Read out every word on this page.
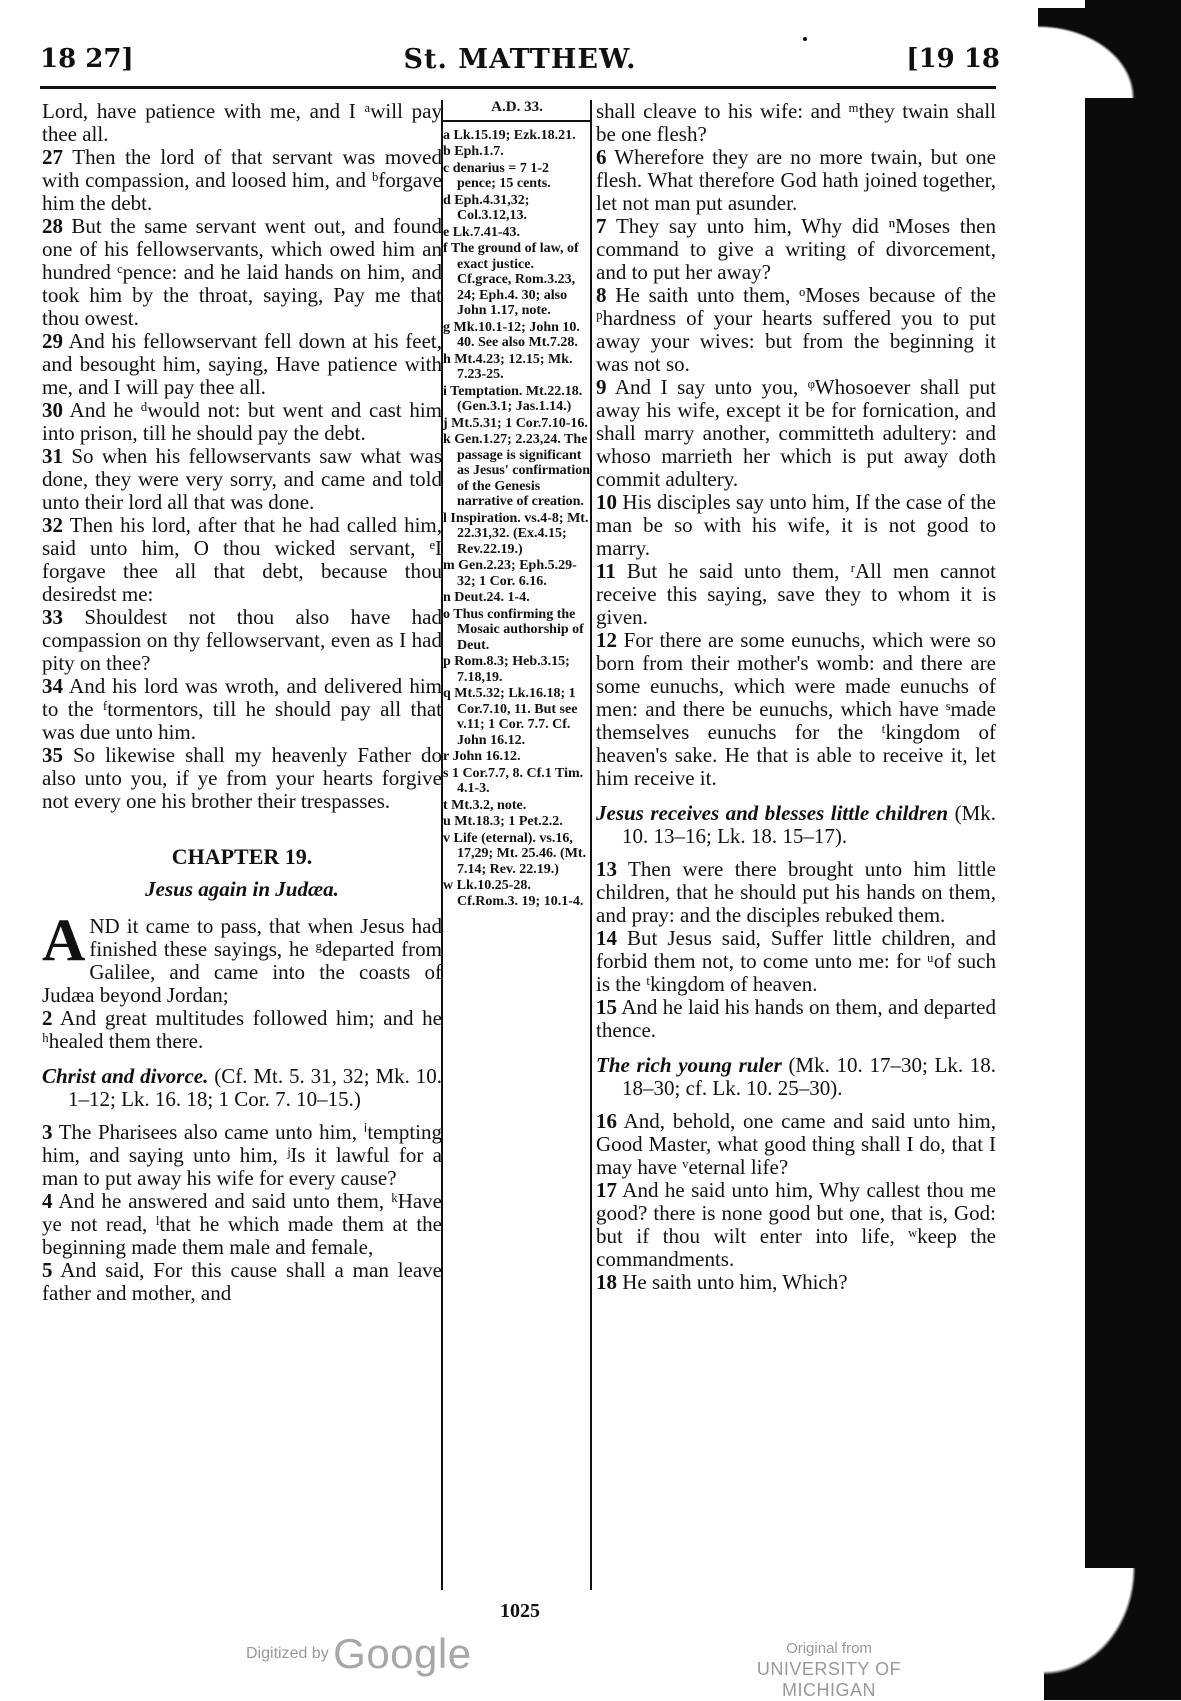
18 27]	St. MATTHEW.	[19 18

Lord, have patience with me, and I ᵃwill pay thee all.

27 Then the lord of that servant was moved with compassion, and loosed him, and ᵇforgave him the debt.

28 But the same servant went out, and found one of his fellowservants, which owed him an hundred ᶜpence: and he laid hands on him, and took him by the throat, saying, Pay me that thou owest.

29 And his fellowservant fell down at his feet, and besought him, saying, Have patience with me, and I will pay thee all.

30 And he ᵈwould not: but went and cast him into prison, till he should pay the debt.

31 So when his fellowservants saw what was done, they were very sorry, and came and told unto their lord all that was done.

32 Then his lord, after that he had called him, said unto him, O thou wicked servant, ᵉI forgave thee all that debt, because thou desiredst me:

33 Shouldest not thou also have had compassion on thy fellowservant, even as I had pity on thee?

34 And his lord was wroth, and delivered him to the ᶠtormentors, till he should pay all that was due unto him.

35 So likewise shall my heavenly Father do also unto you, if ye from your hearts forgive not every one his brother their trespasses.

CHAPTER 19.
Jesus again in Judæa.

A ND it came to pass, that when Jesus had finished these sayings, he ᵍdeparted from Galilee, and came into the coasts of Judæa beyond Jordan;

2 And great multitudes followed him; and he ʰhealed them there.

Christ and divorce. (Cf. Mt. 5. 31, 32; Mk. 10. 1–12; Lk. 16. 18; 1 Cor. 7. 10–15.)

3 The Pharisees also came unto him, ⁱtempting him, and saying unto him, ʲIs it lawful for a man to put away his wife for every cause?

4 And he answered and said unto them, ᵏHave ye not read, ˡthat he which made them at the beginning made them male and female,

5 And said, For this cause shall a man leave father and mother, and

A.D. 33.
a Lk.15.19; Ezk.18.21.
b Eph.1.7.
c denarius = 7 1-2 pence; 15 cents.
d Eph.4.31,32; Col.3.12,13.
e Lk.7.41-43.
f The ground of law, of exact justice. Cf.grace, Rom.3.23, 24; Eph.4. 30; also John 1.17, note.
g Mk.10.1-12; John 10. 40. See also Mt.7.28.
h Mt.4.23; 12.15; Mk. 7.23-25.
i Temptation. Mt.22.18. (Gen.3.1; Jas.1.14.)
j Mt.5.31; 1 Cor.7.10-16.
k Gen.1.27; 2.23,24. The passage is significant as Jesus' confirmation of the Genesis narrative of creation.
l Inspiration. vs.4-8; Mt. 22.31,32. (Ex.4.15; Rev.22.19.)
m Gen.2.23; Eph.5.29-32; 1 Cor. 6.16.
n Deut.24. 1-4.
o Thus confirming the Mosaic authorship of Deut.
p Rom.8.3; Heb.3.15; 7.18,19.
q Mt.5.32; Lk.16.18; 1 Cor.7.10, 11. But see v.11; 1 Cor. 7.7. Cf. John 16.12.
r John 16.12.
s 1 Cor.7.7, 8. Cf.1 Tim. 4.1-3.
t Mt.3.2, note.
u Mt.18.3; 1 Pet.2.2.
v Life (eternal). vs.16, 17,29; Mt. 25.46. (Mt. 7.14; Rev. 22.19.)
w Lk.10.25-28. Cf.Rom.3. 19; 10.1-4.

shall cleave to his wife: and ᵐthey twain shall be one flesh?

6 Wherefore they are no more twain, but one flesh. What therefore God hath joined together, let not man put asunder.

7 They say unto him, Why did ⁿMoses then command to give a writing of divorcement, and to put her away?

8 He saith unto them, ᵒMoses because of the ᵖhardness of your hearts suffered you to put away your wives: but from the beginning it was not so.

9 And I say unto you, ᵠWhosoever shall put away his wife, except it be for fornication, and shall marry another, committeth adultery: and whoso marrieth her which is put away doth commit adultery.

10 His disciples say unto him, If the case of the man be so with his wife, it is not good to marry.

11 But he said unto them, ʳAll men cannot receive this saying, save they to whom it is given.

12 For there are some eunuchs, which were so born from their mother's womb: and there are some eunuchs, which were made eunuchs of men: and there be eunuchs, which have ˢmade themselves eunuchs for the ᵗkingdom of heaven's sake. He that is able to receive it, let him receive it.

Jesus receives and blesses little children (Mk. 10. 13–16; Lk. 18. 15–17).

13 Then were there brought unto him little children, that he should put his hands on them, and pray: and the disciples rebuked them.

14 But Jesus said, Suffer little children, and forbid them not, to come unto me: for ᵘof such is the ᵗkingdom of heaven.

15 And he laid his hands on them, and departed thence.

The rich young ruler (Mk. 10. 17–30; Lk. 18. 18–30; cf. Lk. 10. 25–30).

16 And, behold, one came and said unto him, Good Master, what good thing shall I do, that I may have ᵛeternal life?

17 And he said unto him, Why callest thou me good? there is none good but one, that is, God: but if thou wilt enter into life, ʷkeep the commandments.

18 He saith unto him, Which?

1025
Digitized by Google	Original from
UNIVERSITY OF MICHIGAN
